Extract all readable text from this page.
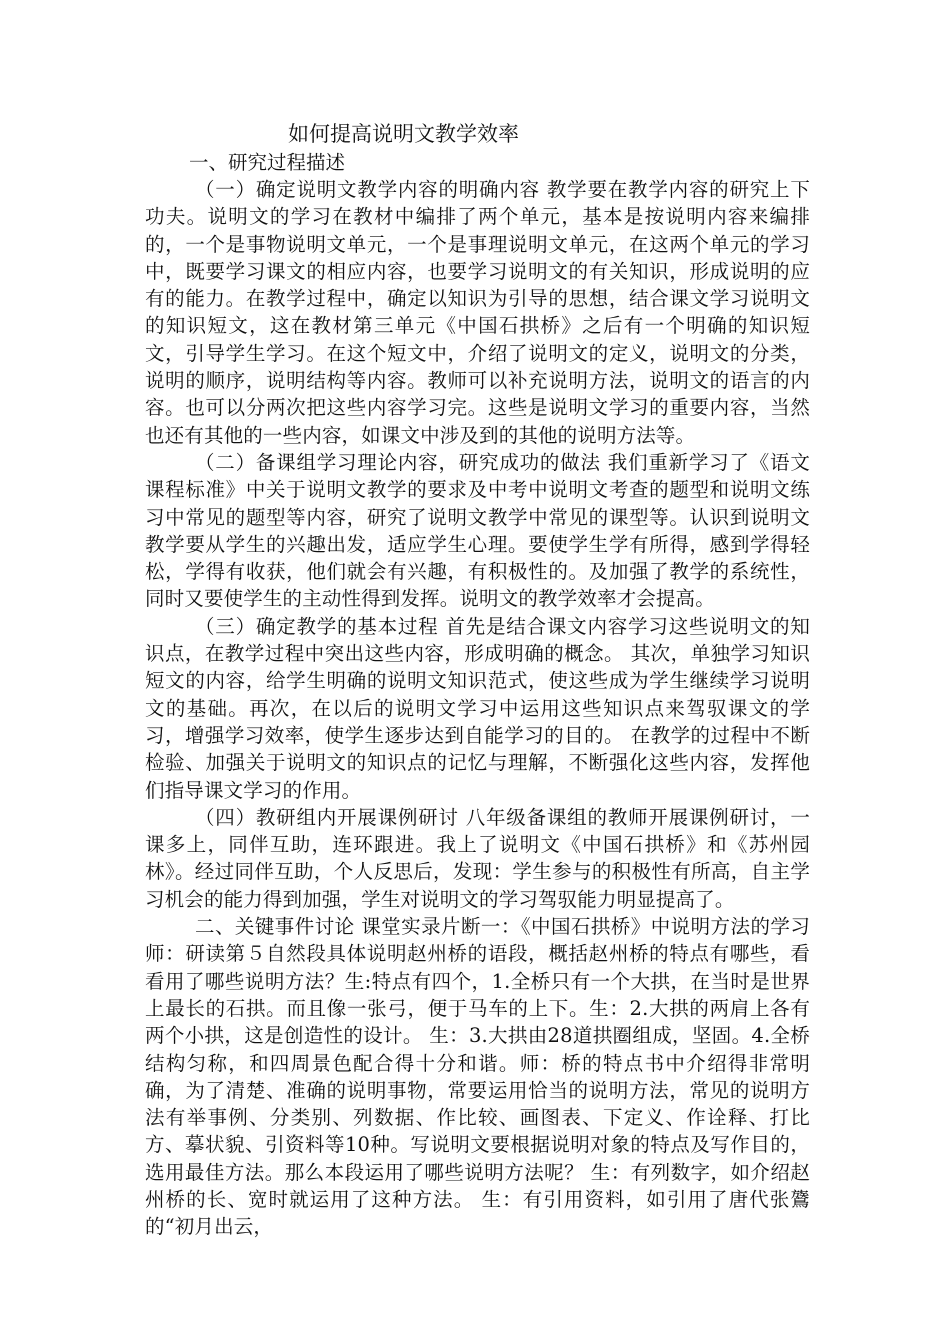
如何提高说明文教学效率

一、研究过程描述

（一）确定说明文教学内容的明确内容 教学要在教学内容的研究上下功夫。说明文的学习在教材中编排了两个单元，基本是按说明内容来编排的，一个是事物说明文单元，一个是事理说明文单元，在这两个单元的学习中，既要学习课文的相应内容，也要学习说明文的有关知识，形成说明的应有的能力。在教学过程中，确定以知识为引导的思想，结合课文学习说明文的知识短文，这在教材第三单元《中国石拱桥》之后有一个明确的知识短文，引导学生学习。在这个短文中，介绍了说明文的定义，说明文的分类，说明的顺序，说明结构等内容。教师可以补充说明方法，说明文的语言的内容。也可以分两次把这些内容学习完。这些是说明文学习的重要内容，当然也还有其他的一些内容，如课文中涉及到的其他的说明方法等。

（二）备课组学习理论内容，研究成功的做法 我们重新学习了《语文课程标准》中关于说明文教学的要求及中考中说明文考查的题型和说明文练习中常见的题型等内容，研究了说明文教学中常见的课型等。认识到说明文教学要从学生的兴趣出发，适应学生心理。要使学生学有所得，感到学得轻松，学得有收获，他们就会有兴趣，有积极性的。及加强了教学的系统性，同时又要使学生的主动性得到发挥。说明文的教学效率才会提高。

（三）确定教学的基本过程 首先是结合课文内容学习这些说明文的知识点，在教学过程中突出这些内容，形成明确的概念。 其次，单独学习知识短文的内容，给学生明确的说明文知识范式，使这些成为学生继续学习说明文的基础。再次，在以后的说明文学习中运用这些知识点来驾驭课文的学习，增强学习效率，使学生逐步达到自能学习的目的。 在教学的过程中不断检验、加强关于说明文的知识点的记忆与理解，不断强化这些内容，发挥他们指导课文学习的作用。

（四）教研组内开展课例研讨 八年级备课组的教师开展课例研讨，一课多上，同伴互助，连环跟进。我上了说明文《中国石拱桥》和《苏州园林》。经过同伴互助，个人反思后，发现：学生参与的积极性有所高，自主学习机会的能力得到加强，学生对说明文的学习驾驭能力明显提高了。

二、关键事件讨论 课堂实录片断一：《中国石拱桥》中说明方法的学习 师：研读第５自然段具体说明赵州桥的语段，概括赵州桥的特点有哪些，看看用了哪些说明方法？生:特点有四个，1.全桥只有一个大拱，在当时是世界上最长的石拱。而且像一张弓，便于马车的上下。生：2.大拱的两肩上各有两个小拱，这是创造性的设计。 生：3.大拱由28道拱圈组成，坚固。4.全桥结构匀称，和四周景色配合得十分和谐。师：桥的特点书中介绍得非常明确，为了清楚、准确的说明事物，常要运用恰当的说明方法，常见的说明方法有举事例、分类别、列数据、作比较、画图表、下定义、作诠释、打比方、摹状貌、引资料等10种。写说明文要根据说明对象的特点及写作目的，选用最佳方法。那么本段运用了哪些说明方法呢？ 生：有列数字，如介绍赵州桥的长、宽时就运用了这种方法。 生：有引用资料，如引用了唐代张鷟的“初月出云，
